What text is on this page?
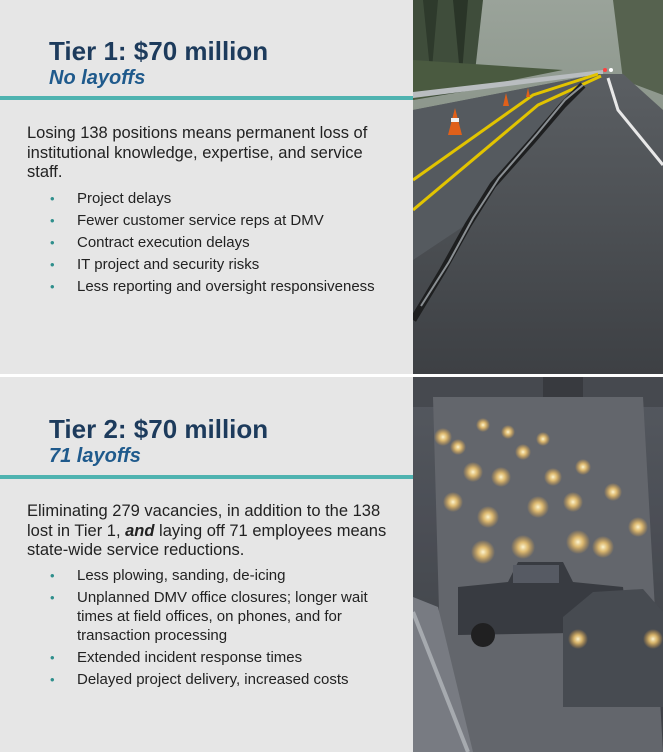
Tier 1: $70 million
No layoffs

Losing 138 positions means permanent loss of institutional knowledge, expertise, and service staff.

• Project delays
• Fewer customer service reps at DMV
• Contract execution delays
• IT project and security risks
• Less reporting and oversight responsiveness
Tier 2: $70 million
71 layoffs

Eliminating 279 vacancies, in addition to the 138 lost in Tier 1, and laying off 71 employees means state-wide service reductions.

• Less plowing, sanding, de-icing
• Unplanned DMV office closures; longer wait times at field offices, on phones, and for transaction processing
• Extended incident response times
• Delayed project delivery, increased costs
